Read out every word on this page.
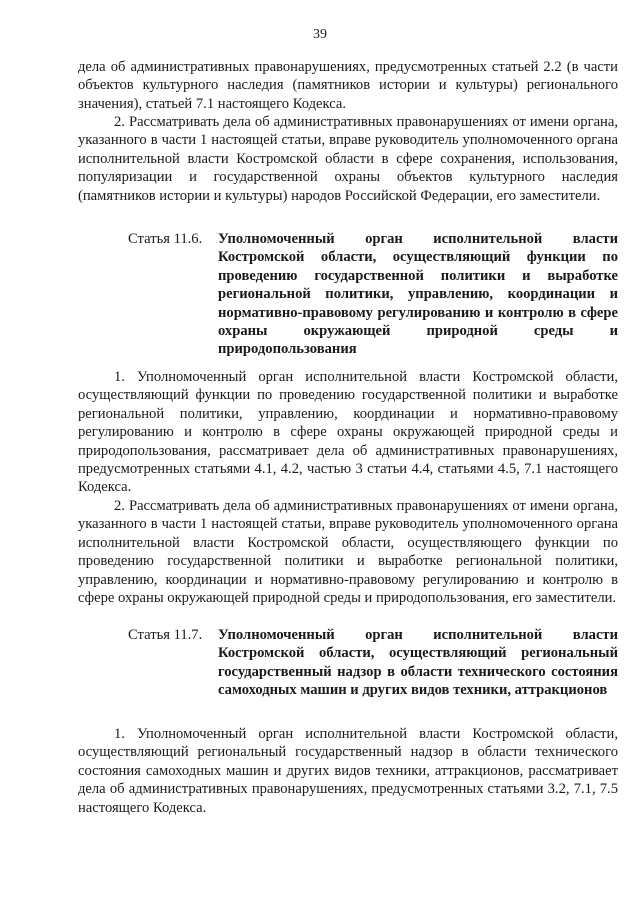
39

дела об административных правонарушениях, предусмотренных статьей 2.2 (в части объектов культурного наследия (памятников истории и культуры) регионального значения), статьей 7.1 настоящего Кодекса.

2. Рассматривать дела об административных правонарушениях от имени органа, указанного в части 1 настоящей статьи, вправе руководитель уполномоченного органа исполнительной власти Костромской области в сфере сохранения, использования, популяризации и государственной охраны объектов культурного наследия (памятников истории и культуры) народов Российской Федерации, его заместители.

Статья 11.6.	Уполномоченный орган исполнительной власти Костромской области, осуществляющий функции по проведению государственной политики и выработке региональной политики, управлению, координации и нормативно-правовому регулированию и контролю в сфере охраны окружающей природной среды и природопользования

1. Уполномоченный орган исполнительной власти Костромской области, осуществляющий функции по проведению государственной политики и выработке региональной политики, управлению, координации и нормативно-правовому регулированию и контролю в сфере охраны окружающей природной среды и природопользования, рассматривает дела об административных правонарушениях, предусмотренных статьями 4.1, 4.2, частью 3 статьи 4.4, статьями 4.5, 7.1 настоящего Кодекса.

2. Рассматривать дела об административных правонарушениях от имени органа, указанного в части 1 настоящей статьи, вправе руководитель уполномоченного органа исполнительной власти Костромской области, осуществляющего функции по проведению государственной политики и выработке региональной политики, управлению, координации и нормативно-правовому регулированию и контролю в сфере охраны окружающей природной среды и природопользования, его заместители.

Статья 11.7.	Уполномоченный орган исполнительной власти Костромской области, осуществляющий региональный государственный надзор в области технического состояния самоходных машин и других видов техники, аттракционов

1. Уполномоченный орган исполнительной власти Костромской области, осуществляющий региональный государственный надзор в области технического состояния самоходных машин и других видов техники, аттракционов, рассматривает дела об административных правонарушениях, предусмотренных статьями 3.2, 7.1, 7.5 настоящего Кодекса.
